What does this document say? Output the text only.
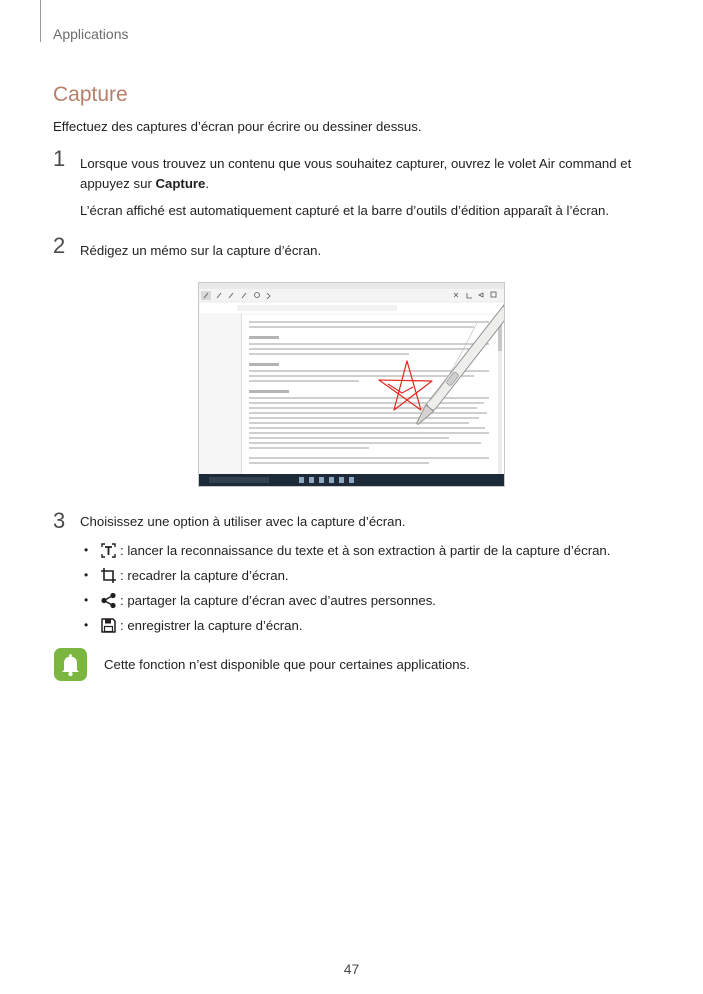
Applications
Capture
Effectuez des captures d’écran pour écrire ou dessiner dessus.
1 Lorsque vous trouvez un contenu que vous souhaitez capturer, ouvrez le volet Air command et appuyez sur Capture.
L’écran affiché est automatiquement capturé et la barre d’outils d’édition apparaît à l’écran.
2 Rédigez un mémo sur la capture d’écran.
3 Choisissez une option à utiliser avec la capture d’écran.
• : lancer la reconnaissance du texte et à son extraction à partir de la capture d’écran.
• : recadrer la capture d’écran.
• : partager la capture d’écran avec d’autres personnes.
• : enregistrer la capture d’écran.
Cette fonction n’est disponible que pour certaines applications.
47
